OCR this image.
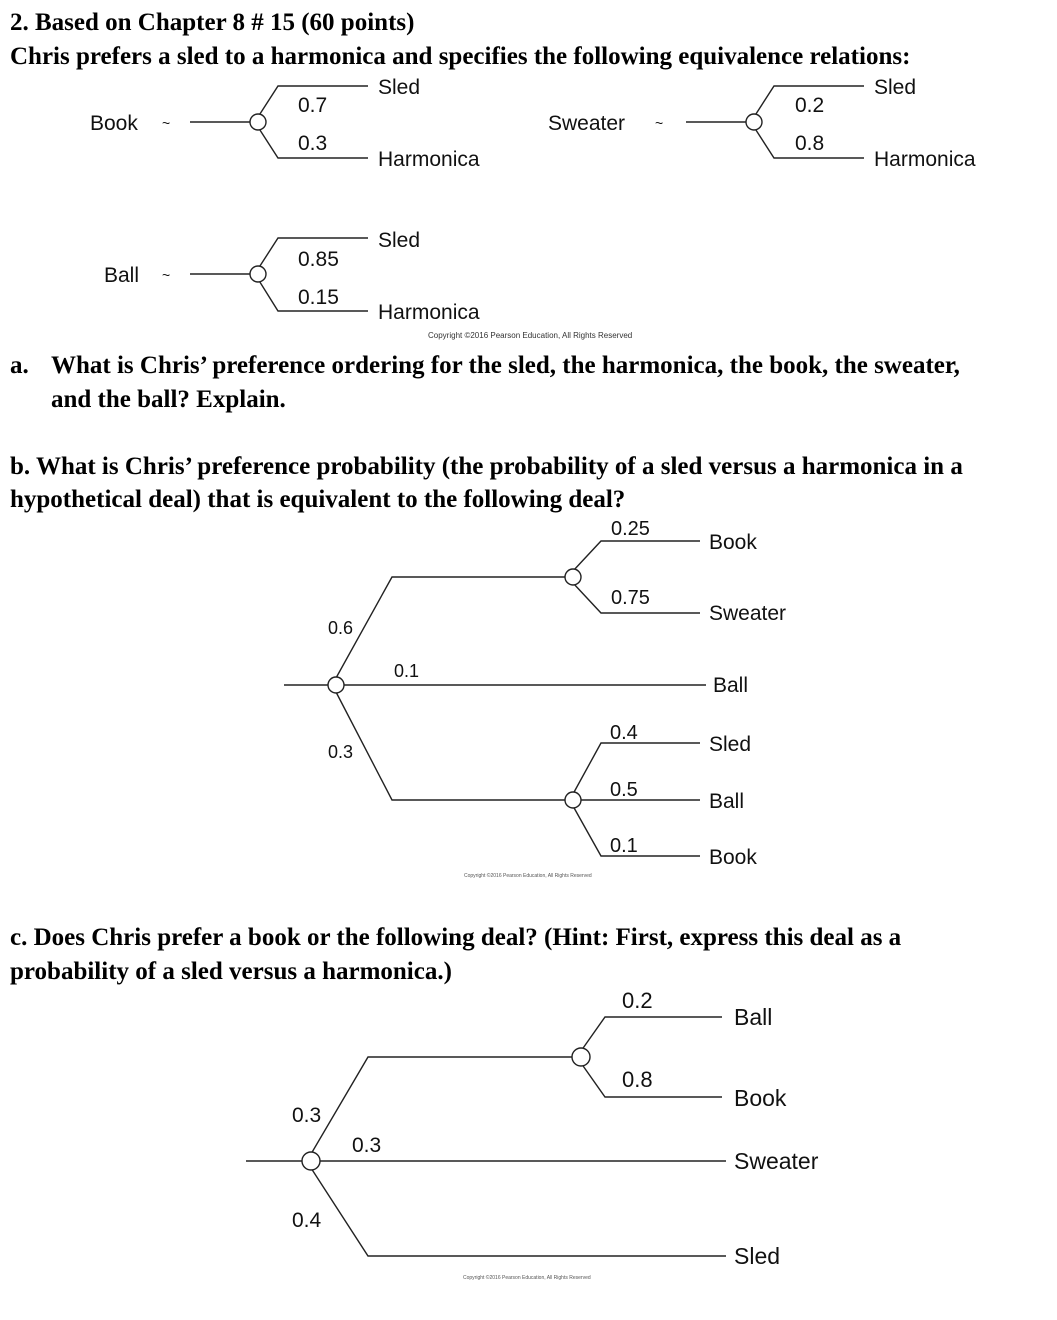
2. Based on Chapter 8 # 15 (60 points)
Chris prefers a sled to a harmonica and specifies the following equivalence relations:
Book ~
0.7
0.3
Sled
Harmonica
Sweater ~
0.2
0.8
Sled
Harmonica
Ball ~
0.85
0.15
Sled
Harmonica
Copyright ©2016 Pearson Education, All Rights Reserved
0.6
0.1
0.3
0.25
0.75
Book
Sweater
Ball
0.4
0.5
0.1
Sled
Ball
Book
Copyright ©2016 Pearson Education, All Rights Reserved
0.3
0.3
0.4
0.2
0.8
Ball
Book
Sweater
Sled
Copyright ©2016 Pearson Education, All Rights Reserved
a. What is Chris’ preference ordering for the sled, the harmonica, the book, the sweater,
and the ball? Explain.
b. What is Chris’ preference probability (the probability of a sled versus a harmonica in a
hypothetical deal) that is equivalent to the following deal?
c. Does Chris prefer a book or the following deal? (Hint: First, express this deal as a
probability of a sled versus a harmonica.)
